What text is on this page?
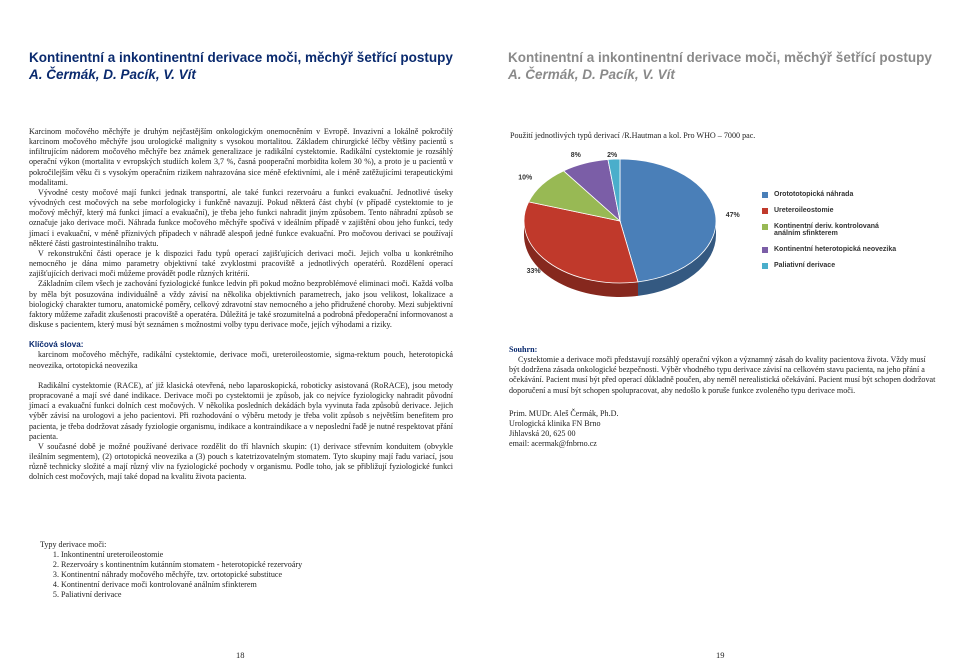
Kontinentní a inkontinentní derivace moči, měchýř šetřící postupy
A. Čermák, D. Pacík, V. Vít

Karcinom močového měchýře je druhým nejčastějším onkologickým onemocněním v Evropě. Invazivní a lokálně pokročilý karcinom močového měchýře jsou urologické malignity s vysokou mortalitou. Základem chirurgické léčby většiny pacientů s infiltrujícím nádorem močového měchýře bez známek generalizace je radikální cystektomie. Radikální cystektomie je rozsáhlý operační výkon (mortalita v evropských studiích kolem 3,7 %, časná pooperační morbidita kolem 30 %), a proto je u pacientů v pokročilejším věku či s vysokým operačním rizikem nahrazována sice méně efektivními, ale i méně zatěžujícími terapeutickými modalitami.

Vývodné cesty močové mají funkci jednak transportní, ale také funkci rezervoáru a funkci evakuační. Jednotlivé úseky vývodných cest močových na sebe morfologicky i funkčně navazují. Pokud některá část chybí (v případě cystektomie to je močový měchýř, který má funkci jímací a evakuační), je třeba jeho funkci nahradit jiným způsobem. Tento náhradní způsob se označuje jako derivace moči. Náhrada funkce močového měchýře spočívá v ideálním případě v zajištění obou jeho funkcí, tedy jímací i evakuační, v méně příznivých případech v náhradě alespoň jedné funkce evakuační. Pro močovou derivaci se používají některé části gastrointestinálního traktu.

V rekonstrukční části operace je k dispozici řadu typů operací zajišťujících derivaci moči. Jejich volba u konkrétního nemocného je dána mimo parametry objektivní také zvyklostmi pracoviště a jednotlivých operatérů. Rozdělení operací zajišťujících derivaci moči můžeme provádět podle různých kritérií.

Základním cílem všech je zachování fyziologické funkce ledvin při pokud možno bezproblémové eliminaci moči. Každá volba by měla být posuzována individuálně a vždy závisí na několika objektivních parametrech, jako jsou velikost, lokalizace a biologický charakter tumoru, anatomické poměry, celkový zdravotní stav nemocného a jeho přidružené choroby. Mezi subjektivní faktory můžeme zařadit zkušenosti pracoviště a operatéra. Důležitá je také srozumitelná a podrobná předoperační informovanost a diskuse s pacientem, který musí být seznámen s možnostmi volby typu derivace moče, jejích výhodami a riziky.

Klíčová slova:

karcinom močového měchýře, radikální cystektomie, derivace moči, ureteroileostomie, sigma-rektum pouch, heterotopická neovezika, ortotopická neovezika

Radikální cystektomie (RACE), ať již klasická otevřená, nebo laparoskopická, roboticky asistovaná (RoRACE), jsou metody propracované a mají své dané indikace. Derivace moči po cystektomii je způsob, jak co nejvíce fyziologicky nahradit původní jímací a evakuační funkci dolních cest močových. V několika posledních dekádách byla vyvinuta řada způsobů derivace. Jejich výběr závisí na urologovi a jeho pacientovi. Při rozhodování o výběru metody je třeba volit způsob s největším benefitem pro pacienta, je třeba dodržovat zásady fyziologie organismu, indikace a kontraindikace a v neposlední řadě je nutné respektovat přání pacienta.

V současné době je možné používané derivace rozdělit do tří hlavních skupin: (1) derivace střevním konduitem (obvykle ileálním segmentem), (2) ortotopická neovezika a (3) pouch s katetrizovatelným stomatem. Tyto skupiny mají řadu variací, jsou různě technicky složité a mají různý vliv na fyziologické pochody v organismu. Podle toho, jak se přibližují fyziologické funkci dolních cest močových, mají také dopad na kvalitu života pacienta.

Typy derivace moči:
1. Inkontinentní ureteroileostomie
2. Rezervoáry s kontinentním kutánním stomatem - heterotopické rezervoáry
3. Kontinentní náhrady močového měchýře, tzv. ortotopické substituce
4. Kontinentní derivace moči kontrolované análním sfinkterem
5. Paliativní derivace
18
Kontinentní a inkontinentní derivace moči, měchýř šetřící postupy
A. Čermák, D. Pacík, V. Vít
Použití jednotlivých typů derivací /R.Hautman a kol. Pro WHO – 7000 pac.
47%
33%
10%
8%	2%
Orotototopická náhrada
Ureteroileostomie
Kontinentní deriv. kontrolovaná análním sfinkterem
Kontinentní heterotopická neovezika
Paliativní derivace

Souhrn:

Cystektomie a derivace moči představují rozsáhlý operační výkon a významný zásah do kvality pacientova života. Vždy musí být dodržena zásada onkologické bezpečnosti. Výběr vhodného typu derivace závisí na celkovém stavu pacienta, na jeho přání a očekávání. Pacient musí být před operací důkladně poučen, aby neměl nerealistická očekávání. Pacient musí být schopen dodržovat doporučení a musí být schopen spolupracovat, aby nedošlo k poruše funkce zvoleného typu derivace moči.

Prim. MUDr. Aleš Čermák, Ph.D.

Urologická klinika FN Brno

Jihlavská 20, 625 00

email: acermak@fnbrno.cz

19
